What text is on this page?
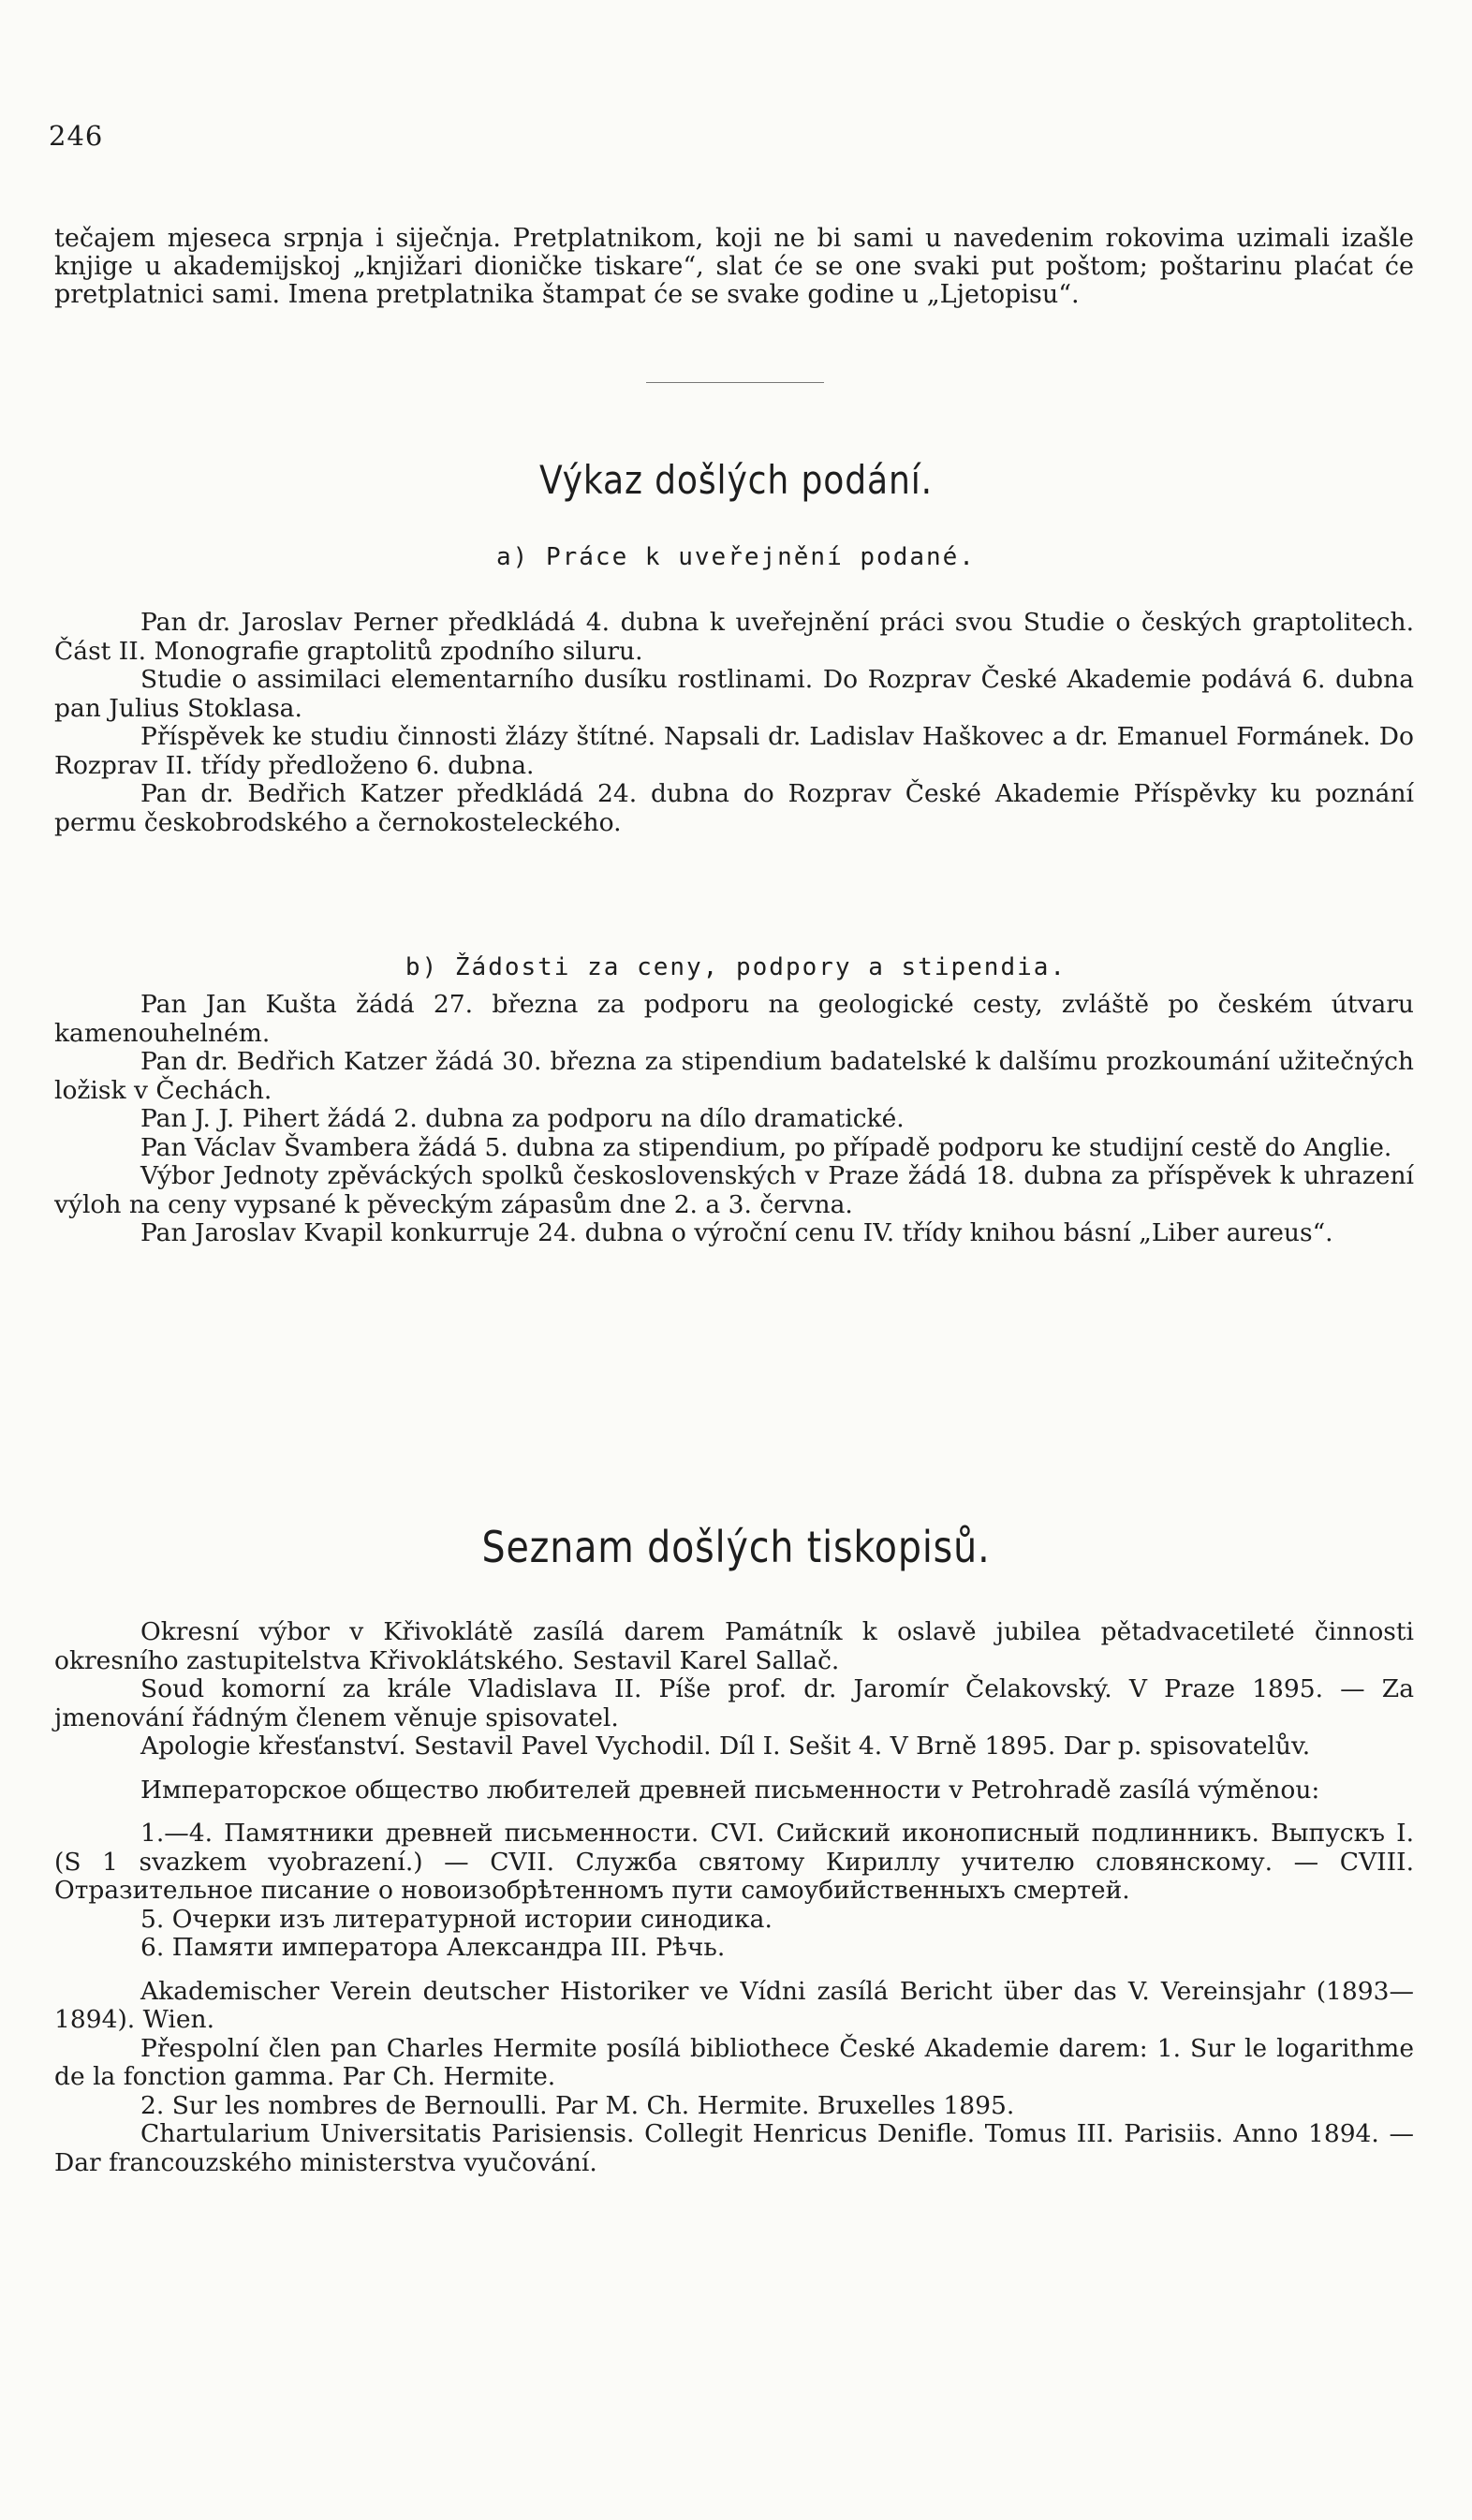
246
tečajem mjeseca srpnja i siječnja. Pretplatnikom, koji ne bi sami u navedenim rokovima uzimali izašle knjige u akademijskoj „knjižari dioničke tiskare“, slat će se one svaki put poštom; poštarinu plaćat će pretplatnici sami. Imena pretplatnika štampat će se svake godine u „Ljetopisu“.
Výkaz došlých podání.
a) Práce k uveřejnění podané.

Pan dr. Jaroslav Perner předkládá 4. dubna k uveřejnění práci svou Studie o českých graptolitech. Část II. Monografie graptolitů zpodního siluru.

Studie o assimilaci elementarního dusíku rostlinami. Do Rozprav České Akademie podává 6. dubna pan Julius Stoklasa.

Příspěvek ke studiu činnosti žlázy štítné. Napsali dr. Ladislav Haškovec a dr. Emanuel Formánek. Do Rozprav II. třídy předloženo 6. dubna.

Pan dr. Bedřich Katzer předkládá 24. dubna do Rozprav České Akademie Příspěvky ku poznání permu českobrodského a černokosteleckého.

b) Žádosti za ceny, podpory a stipendia.

Pan Jan Kušta žádá 27. března za podporu na geologické cesty, zvláště po českém útvaru kamenouhelném.

Pan dr. Bedřich Katzer žádá 30. března za stipendium badatelské k dalšímu prozkoumání užitečných ložisk v Čechách.

Pan J. J. Pihert žádá 2. dubna za podporu na dílo dramatické.

Pan Václav Švambera žádá 5. dubna za stipendium, po případě podporu ke studijní cestě do Anglie.

Výbor Jednoty zpěváckých spolků československých v Praze žádá 18. dubna za příspěvek k uhrazení výloh na ceny vypsané k pěveckým zápasům dne 2. a 3. června.

Pan Jaroslav Kvapil konkurruje 24. dubna o výroční cenu IV. třídy knihou básní „Liber aureus“.

Seznam došlých tiskopisů.

Okresní výbor v Křivoklátě zasílá darem Památník k oslavě jubilea pětadvacetileté činnosti okresního zastupitelstva Křivoklátského. Sestavil Karel Sallač.

Soud komorní za krále Vladislava II. Píše prof. dr. Jaromír Čelakovský. V Praze 1895. — Za jmenování řádným členem věnuje spisovatel.

Apologie křesťanství. Sestavil Pavel Vychodil. Díl I. Sešit 4. V Brně 1895. Dar p. spisovatelův.

Императорское общество любителей древней письменности v Petrohradě zasílá výměnou:

1.—4. Памятники древней письменности. CVI. Сийский иконописный подлинникъ. Выпускъ I. (S 1 svazkem vyobrazení.) — CVII. Служба святому Кириллу учителю словянскому. — CVIII. Отразительное писание о новоизобрѣтенномъ пути самоубийственныхъ смертей.

5. Очерки изъ литературной истории синодика.

6. Памяти императора Александра III. Рѣчь.

Akademischer Verein deutscher Historiker ve Vídni zasílá Bericht über das V. Vereinsjahr (1893—1894). Wien.

Přespolní člen pan Charles Hermite posílá bibliothece České Akademie darem: 1. Sur le logarithme de la fonction gamma. Par Ch. Hermite.

2. Sur les nombres de Bernoulli. Par M. Ch. Hermite. Bruxelles 1895.

Chartularium Universitatis Parisiensis. Collegit Henricus Denifle. Tomus III. Parisiis. Anno 1894. — Dar francouzského ministerstva vyučování.
